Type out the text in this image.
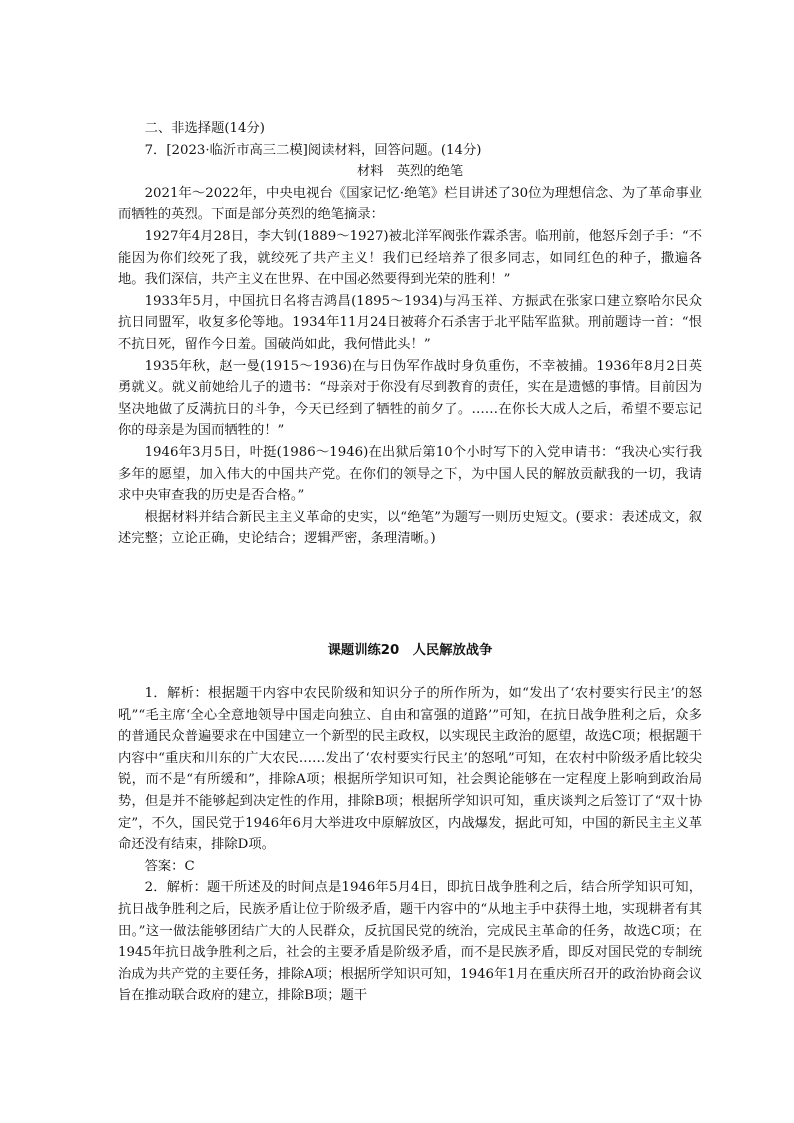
二、非选择题(14分)

7．[2023·临沂市高三二模]阅读材料，回答问题。(14分)

材料　英烈的绝笔

2021年～2022年，中央电视台《国家记忆·绝笔》栏目讲述了30位为理想信念、为了革命事业而牺牲的英烈。下面是部分英烈的绝笔摘录：

1927年4月28日，李大钊(1889～1927)被北洋军阀张作霖杀害。临刑前，他怒斥刽子手：“不能因为你们绞死了我，就绞死了共产主义！我们已经培养了很多同志，如同红色的种子，撒遍各地。我们深信，共产主义在世界、在中国必然要得到光荣的胜利！”

1933年5月，中国抗日名将吉鸿昌(1895～1934)与冯玉祥、方振武在张家口建立察哈尔民众抗日同盟军，收复多伦等地。1934年11月24日被蒋介石杀害于北平陆军监狱。刑前题诗一首：“恨不抗日死，留作今日羞。国破尚如此，我何惜此头！”

1935年秋，赵一曼(1915～1936)在与日伪军作战时身负重伤，不幸被捕。1936年8月2日英勇就义。就义前她给儿子的遗书：“母亲对于你没有尽到教育的责任，实在是遗憾的事情。目前因为坚决地做了反满抗日的斗争，今天已经到了牺牲的前夕了。……在你长大成人之后，希望不要忘记你的母亲是为国而牺牲的！”

1946年3月5日，叶挺(1986～1946)在出狱后第10个小时写下的入党申请书：“我决心实行我多年的愿望，加入伟大的中国共产党。在你们的领导之下，为中国人民的解放贡献我的一切，我请求中央审查我的历史是否合格。”

根据材料并结合新民主主义革命的史实，以“绝笔”为题写一则历史短文。(要求：表述成文，叙述完整；立论正确，史论结合；逻辑严密，条理清晰。)

课题训练20　人民解放战争

1．解析：根据题干内容中农民阶级和知识分子的所作所为，如“发出了‘农村要实行民主’的怒吼”“毛主席‘全心全意地领导中国走向独立、自由和富强的道路’”可知，在抗日战争胜利之后，众多的普通民众普遍要求在中国建立一个新型的民主政权，以实现民主政治的愿望，故选C项；根据题干内容中“重庆和川东的广大农民……发出了‘农村要实行民主’的怒吼”可知，在农村中阶级矛盾比较尖锐，而不是“有所缓和”，排除A项；根据所学知识可知，社会舆论能够在一定程度上影响到政治局势，但是并不能够起到决定性的作用，排除B项；根据所学知识可知，重庆谈判之后签订了“双十协定”，不久，国民党于1946年6月大举进攻中原解放区，内战爆发，据此可知，中国的新民主主义革命还没有结束，排除D项。

答案：C

2．解析：题干所述及的时间点是1946年5月4日，即抗日战争胜利之后，结合所学知识可知，抗日战争胜利之后，民族矛盾让位于阶级矛盾，题干内容中的“从地主手中获得土地，实现耕者有其田。”这一做法能够团结广大的人民群众，反抗国民党的统治，完成民主革命的任务，故选C项；在1945年抗日战争胜利之后，社会的主要矛盾是阶级矛盾，而不是民族矛盾，即反对国民党的专制统治成为共产党的主要任务，排除A项；根据所学知识可知，1946年1月在重庆所召开的政治协商会议旨在推动联合政府的建立，排除B项；题干
